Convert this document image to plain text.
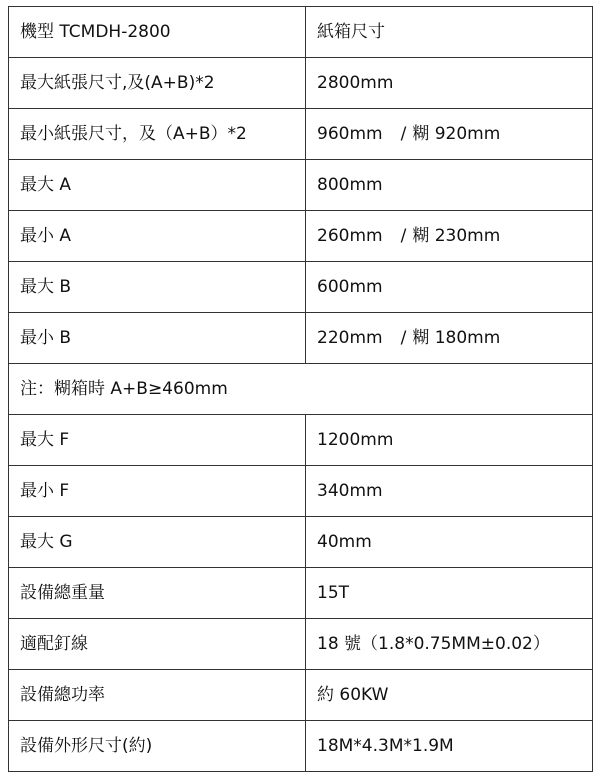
機型 TCMDH-2800	紙箱尺寸
最大紙張尺寸,及(A+B)*2	2800mm
最小紙張尺寸，及（A+B）*2	960mm / 糊 920mm
最大 A	800mm
最小 A	260mm / 糊 230mm
最大 B	600mm
最小 B	220mm / 糊 180mm
注：糊箱時 A+B≥460mm	
最大 F	1200mm
最小 F	340mm
最大 G	40mm
設備總重量	15T
適配釘線	18 號（1.8*0.75MM±0.02）
設備總功率	約 60KW
設備外形尺寸(約)	18M*4.3M*1.9M
